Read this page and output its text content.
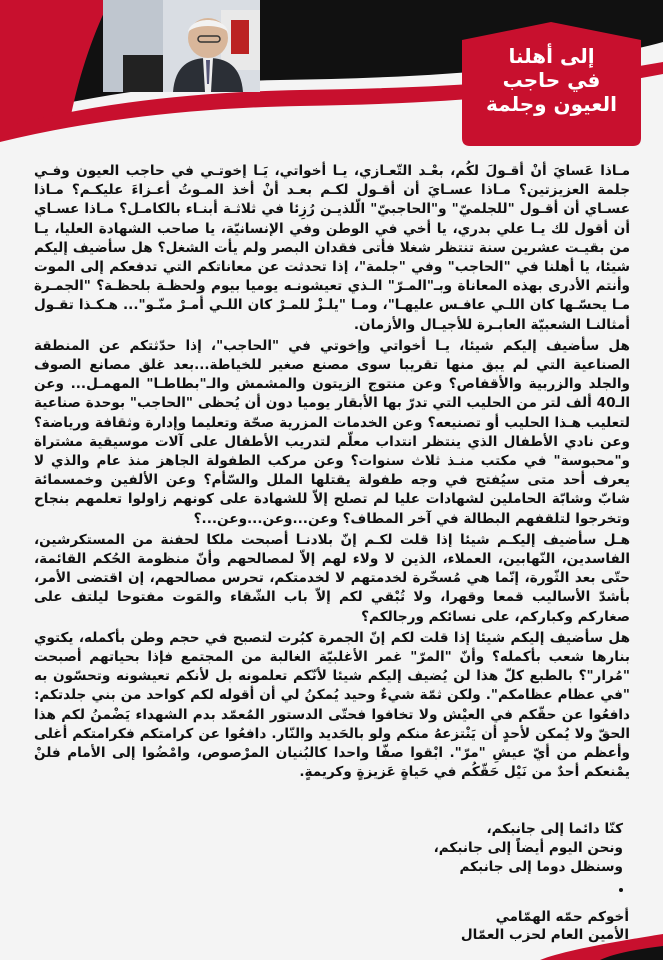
إلى أهلنا
في حاجب
العيون وجلمة

مـاذا عَسايَ أنْ أقـولَ لكُم، بعْـد التّعـازي، يـا أخواتي، يَـا إخوتـي في حاجب العيون وفـي جلمة العزيزتين؟ مـاذا عسـايَ أن أقـول لكـم بعـد أنْ أخذ المـوتُ أعـزاءَ عليكـم؟ مـاذا عسـاي أن أقـول "للجلميّ" و"الحاجبيّ" الّلذيـن رُزِئا في ثلاثـة أبنـاء بالكامـل؟ مـاذا عسـاي أن أقول لك يـا علي بدري، يا أخي في الوطن وفي الإنسانيّة، يا صاحب الشهادة العليا، يـا من بقيـت عشرين سنة تنتظر شغلا فأتى فقدان البصر ولم يأت الشغل؟ هل سأضيف إليكم شيئا، يا أهلنا في "الحاجب" وفي "جلمة"، إذا تحدثت عن معاناتكم التي تدفعكم إلى الموت وأنتم الأدرى بهذه المعاناة وبـ"المـرّ" الـذي تعيشونـه يوميا بيوم ولحظـة بلحظـة؟ "الجمـرة مـا يحسّـها كان اللـي عافـس عليهـا"، ومـا "يلـزْ للمـرْ كان اللـي أمـرْ منّـو"... هـكـذا تقـول أمثالنـا الشعبيّة العابـرة للأجيـال والأزمان.

هل سأضيف إليكم شيئا، يـا أخواتي وإخوتي في "الحاجب"، إذا حدّثتكم عن المنطقة الصناعية التي لم يبق منها تقريبا سوى مصنع صغير للخياطة...بعد غلق مصانع الصوف والجلد والزربية والأقفاص؟ وعن منتوج الزيتون والمشمش والـ"بطاطـا" المهمـل... وعن الـ40 ألف لتر من الحليب التي تدرّ بها الأبقار يوميا دون أن يُحظى "الحاجب" بوحدة صناعية لتعليب هـذا الحليب أو تصنيعه؟ وعن الخدمات المزرية صحّة وتعليما وإدارة وثقافة ورياضة؟ وعن نادي الأطفال الذي ينتظر انتداب معلّم لتدريب الأطفال على آلات موسيقية مشتراة و"محبوسة" في مكتب منـذ ثلاث سنوات؟ وعن مركب الطفولة الجاهز منذ عام والذي لا يعرف أحد متى سيُفتح في وجه طفولة يقتلها الملل والسّأم؟ وعن الألفين وخمسمائة شابّ وشابّة الحاملين لشهادات عليا لم تصلح إلاّ للشهادة على كونهم زاولوا تعلمهم بنجاح وتخرجوا لتلقفهم البطالة في آخر المطاف؟ وعن...وعن...وعن...؟

هـل سأضيف إليكـم شيئا إذا قلت لكـم إنّ بلادنـا أصبحت ملكا لحفنة من المستكرشين، الفاسدين، النّهابين، العملاء، الذين لا ولاء لهم إلاّ لمصالحهم وأنّ منظومة الحُكم القائمة، حتّى بعد الثّورة، إنّما هي مُسخّرة لخدمتهم لا لخدمتكم، تحرس مصالحهم، إن اقتضى الأمر، بأشدّ الأساليب قمعا وقهرا، ولا تُبْقي لكم إلاّ باب الشّقاء والمَوت مفتوحا ليلتف على صغاركم وكباركم، على نسائكم ورجالكم؟

هل سأضيف إليكم شيئا إذا قلت لكم إنّ الجمرة كبُرت لتصبح في حجم وطن بأكمله، يكتوي بنارها شعب بأكمله؟ وأنّ "المرّ" غمر الأغلبيّة الغالبة من المجتمع فإذا بحياتهم أصبحت "مُرار"؟ بالطبع كلّ هذا لن يُضيف إليكم شيئا لأنّكم تعلمونه بل لأنكم تعيشونه وتحسّون به "في عظام عظامكم". ولكن ثمّة شيءٌ وحيد يُمكنُ لي أن أقوله لكم كواحد من بني جلدتكم: دافعُوا عن حقّكم في العيْش ولا تخافوا فحتّى الدستور المُعمّد بدم الشهداء يَضْمنُ لكم هذا الحقّ ولا يُمكن لأحدٍ أن يَنْتزعهُ منكم ولو بالحَديد والنّار. دافعُوا عن كرامتكم فكرامتكم أغلى وأعظم من أيّ عيشِ "مرّ". ابْقوا صفّا واحدا كالبُنيان المرْصوص، وامْضُوا إلى الأمام فلنْ يمْنعكم أحدٌ من نَيْل حَقّكُم في حَياةٍ عَزيزةٍ وكريمةٍ.

كنّا دائما إلى جانبكم،
ونحن اليوم أيضاً إلى جانبكم،
وسنظل دوما إلى جانبكم
أخوكم حمّه الهمّامي
الأمين العام لحزب العمّال
